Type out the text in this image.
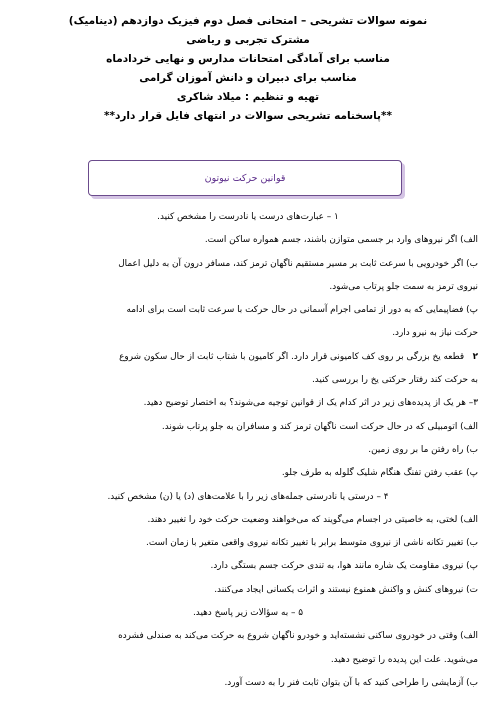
نمونه سوالات تشریحی – امتحانی فصل دوم فیزیک دوازدهم (دینامیک)
مشترک تجربی و ریاضی
مناسب برای آمادگی امتحانات مدارس و نهایی خردادماه
مناسب برای دبیران و دانش آموزان گرامی
تهیه و تنظیم : میلاد شاکری
**پاسخنامه تشریحی سوالات در انتهای فایل قرار دارد**
قوانین حرکت نیوتون
۱ – عبارت‌های درست یا نادرست را مشخص کنید.
الف) اگر نیروهای وارد بر جسمی متوازن باشند، جسم همواره ساکن است.
ب) اگر خودرویی با سرعت ثابت بر مسیر مستقیم ناگهان ترمز کند، مسافر درون آن به دلیل اعمال
نیروی ترمز به سمت جلو پرتاب می‌شود.
پ) فضاپیمایی که به دور از تمامی اجرام آسمانی در حال حرکت با سرعت ثابت است برای ادامه
حرکت نیاز به نیرو دارد.
۲   قطعه یخ بزرگی بر روی کف کامیونی قرار دارد. اگر کامیون با شتاب ثابت از حال سکون شروع
به حرکت کند رفتار حرکتی یخ را بررسی کنید.
۳– هر یک از پدیده‌های زیر در اثر کدام یک از قوانین توجیه می‌شوند؟ به اختصار توضیح دهید.
الف) اتومبیلی که در حال حرکت است ناگهان ترمز کند و مسافران به جلو پرتاب شوند.
ب) راه رفتن ما بر روی زمین.
پ) عقب رفتن تفنگ هنگام شلیک گلوله به طرف جلو.
۴ – درستی یا نادرستی جمله‌های زیر را با علامت‌های (د) یا (ن) مشخص کنید.
الف) لختی، به خاصیتی در اجسام می‌گویند که می‌خواهند وضعیت حرکت خود را تغییر دهند.
ب) تغییر تکانه ناشی از نیروی متوسط برابر با تغییر تکانه نیروی واقعی متغیر با زمان است.
پ) نیروی مقاومت یک شاره مانند هوا، به تندی حرکت جسم بستگی دارد.
ت) نیروهای کنش و واکنش همنوع نیستند و اثرات یکسانی ایجاد می‌کنند.
۵ – به سؤالات زیر پاسخ دهید.
الف) وقتی در خودروی ساکنی نشسته‌اید و خودرو ناگهان شروع به حرکت می‌کند به صندلی فشرده
می‌شوید. علت این پدیده را توضیح دهید.
ب) آزمایشی را طراحی کنید که با آن بتوان ثابت فنر را به دست آورد.
